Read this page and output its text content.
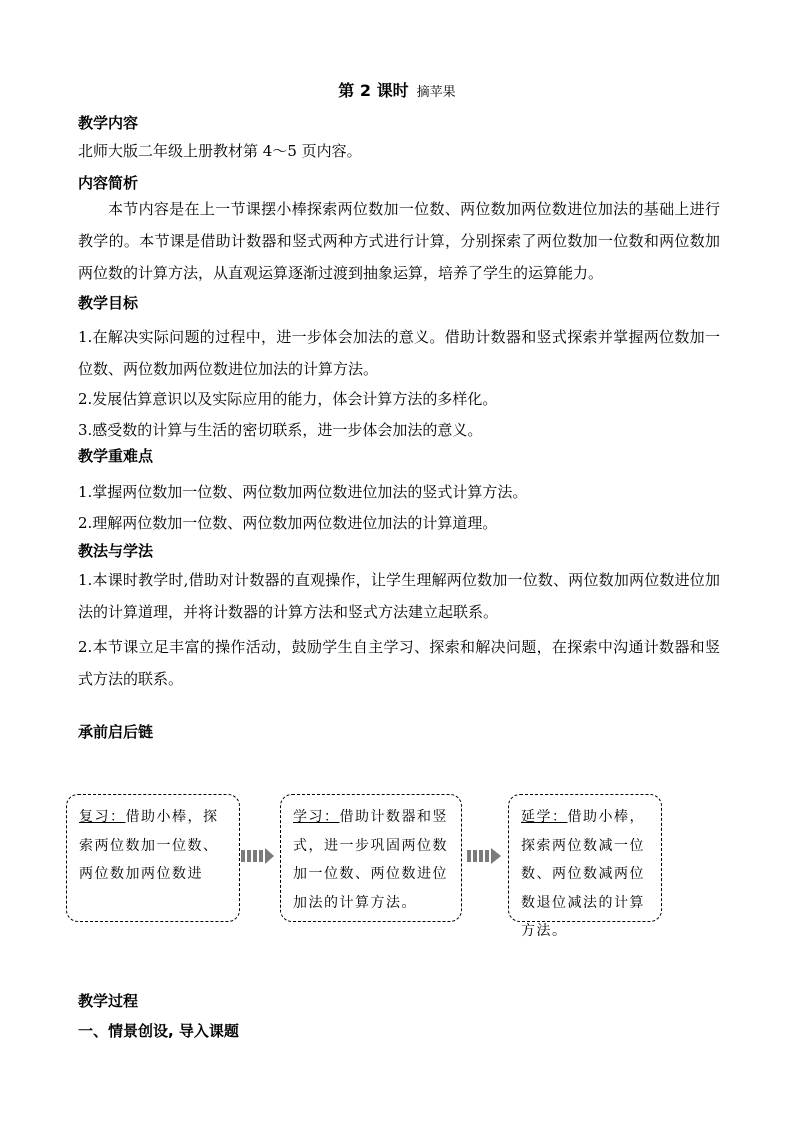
第 2 课时 摘苹果
教学内容

北师大版二年级上册教材第 4～5 页内容。

内容简析

本节内容是在上一节课摆小棒探索两位数加一位数、两位数加两位数进位加法的基础上进行教学的。本节课是借助计数器和竖式两种方式进行计算，分别探索了两位数加一位数和两位数加两位数的计算方法，从直观运算逐渐过渡到抽象运算，培养了学生的运算能力。

教学目标

1.在解决实际问题的过程中，进一步体会加法的意义。借助计数器和竖式探索并掌握两位数加一位数、两位数加两位数进位加法的计算方法。

2.发展估算意识以及实际应用的能力，体会计算方法的多样化。

3.感受数的计算与生活的密切联系，进一步体会加法的意义。

教学重难点

1.掌握两位数加一位数、两位数加两位数进位加法的竖式计算方法。

2.理解两位数加一位数、两位数加两位数进位加法的计算道理。

教法与学法

1.本课时教学时,借助对计数器的直观操作，让学生理解两位数加一位数、两位数加两位数进位加法的计算道理，并将计数器的计算方法和竖式方法建立起联系。

2.本节课立足丰富的操作活动，鼓励学生自主学习、探索和解决问题，在探索中沟通计数器和竖式方法的联系。

承前启后链
复习：借助小棒，探索两位数加一位数、两位数加两位数进
学习：借助计数器和竖式，进一步巩固两位数加一位数、两位数进位加法的计算方法。
延学：借助小棒，探索两位数减一位数、两位数减两位数退位减法的计算方法。
教学过程
一、情景创设, 导入课题
